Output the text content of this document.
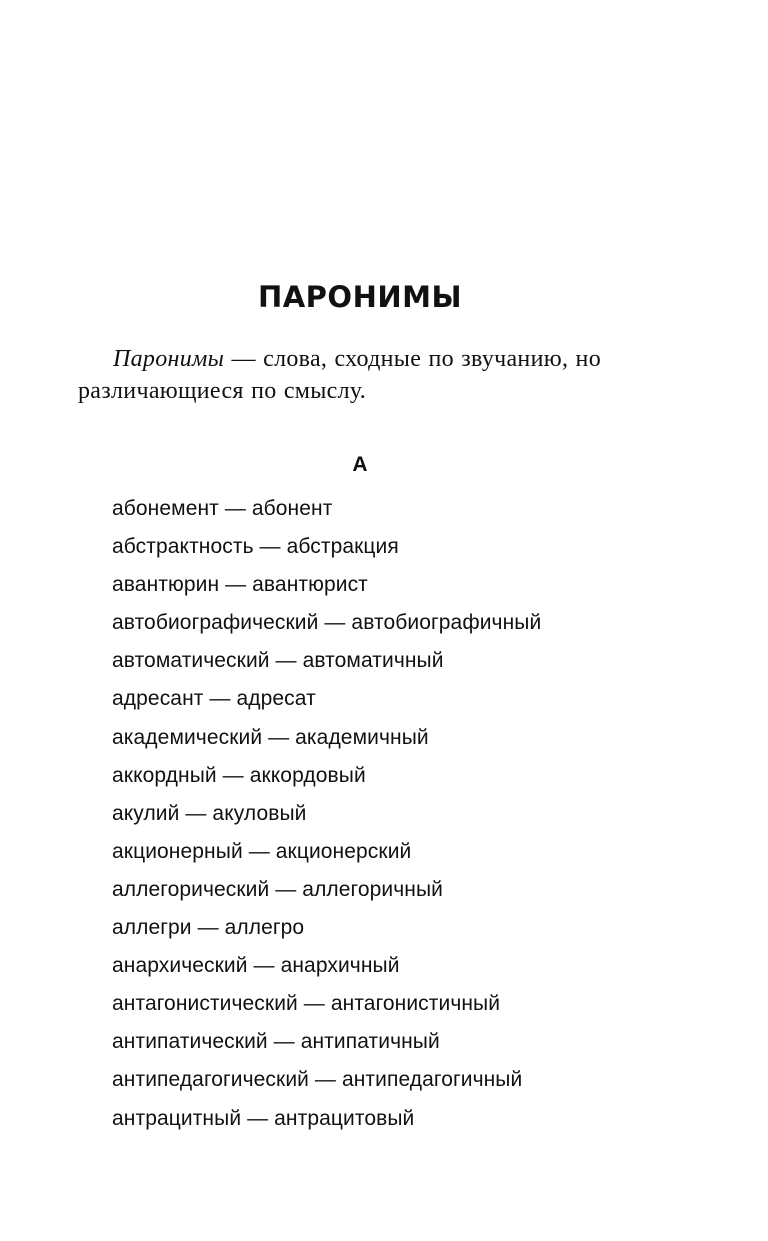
ПАРОНИМЫ

Паронимы — слова, сходные по звучанию, но различающиеся по смыслу.

А
абонемент — абонент
абстрактность — абстракция
авантюрин — авантюрист
автобиографический — автобиографичный
автоматический — автоматичный
адресант — адресат
академический — академичный
аккордный — аккордовый
акулий — акуловый
акционерный — акционерский
аллегорический — аллегоричный
аллегри — аллегро
анархический — анархичный
антагонистический — антагонистичный
антипатический — антипатичный
антипедагогический — антипедагогичный
антрацитный — антрацитовый
